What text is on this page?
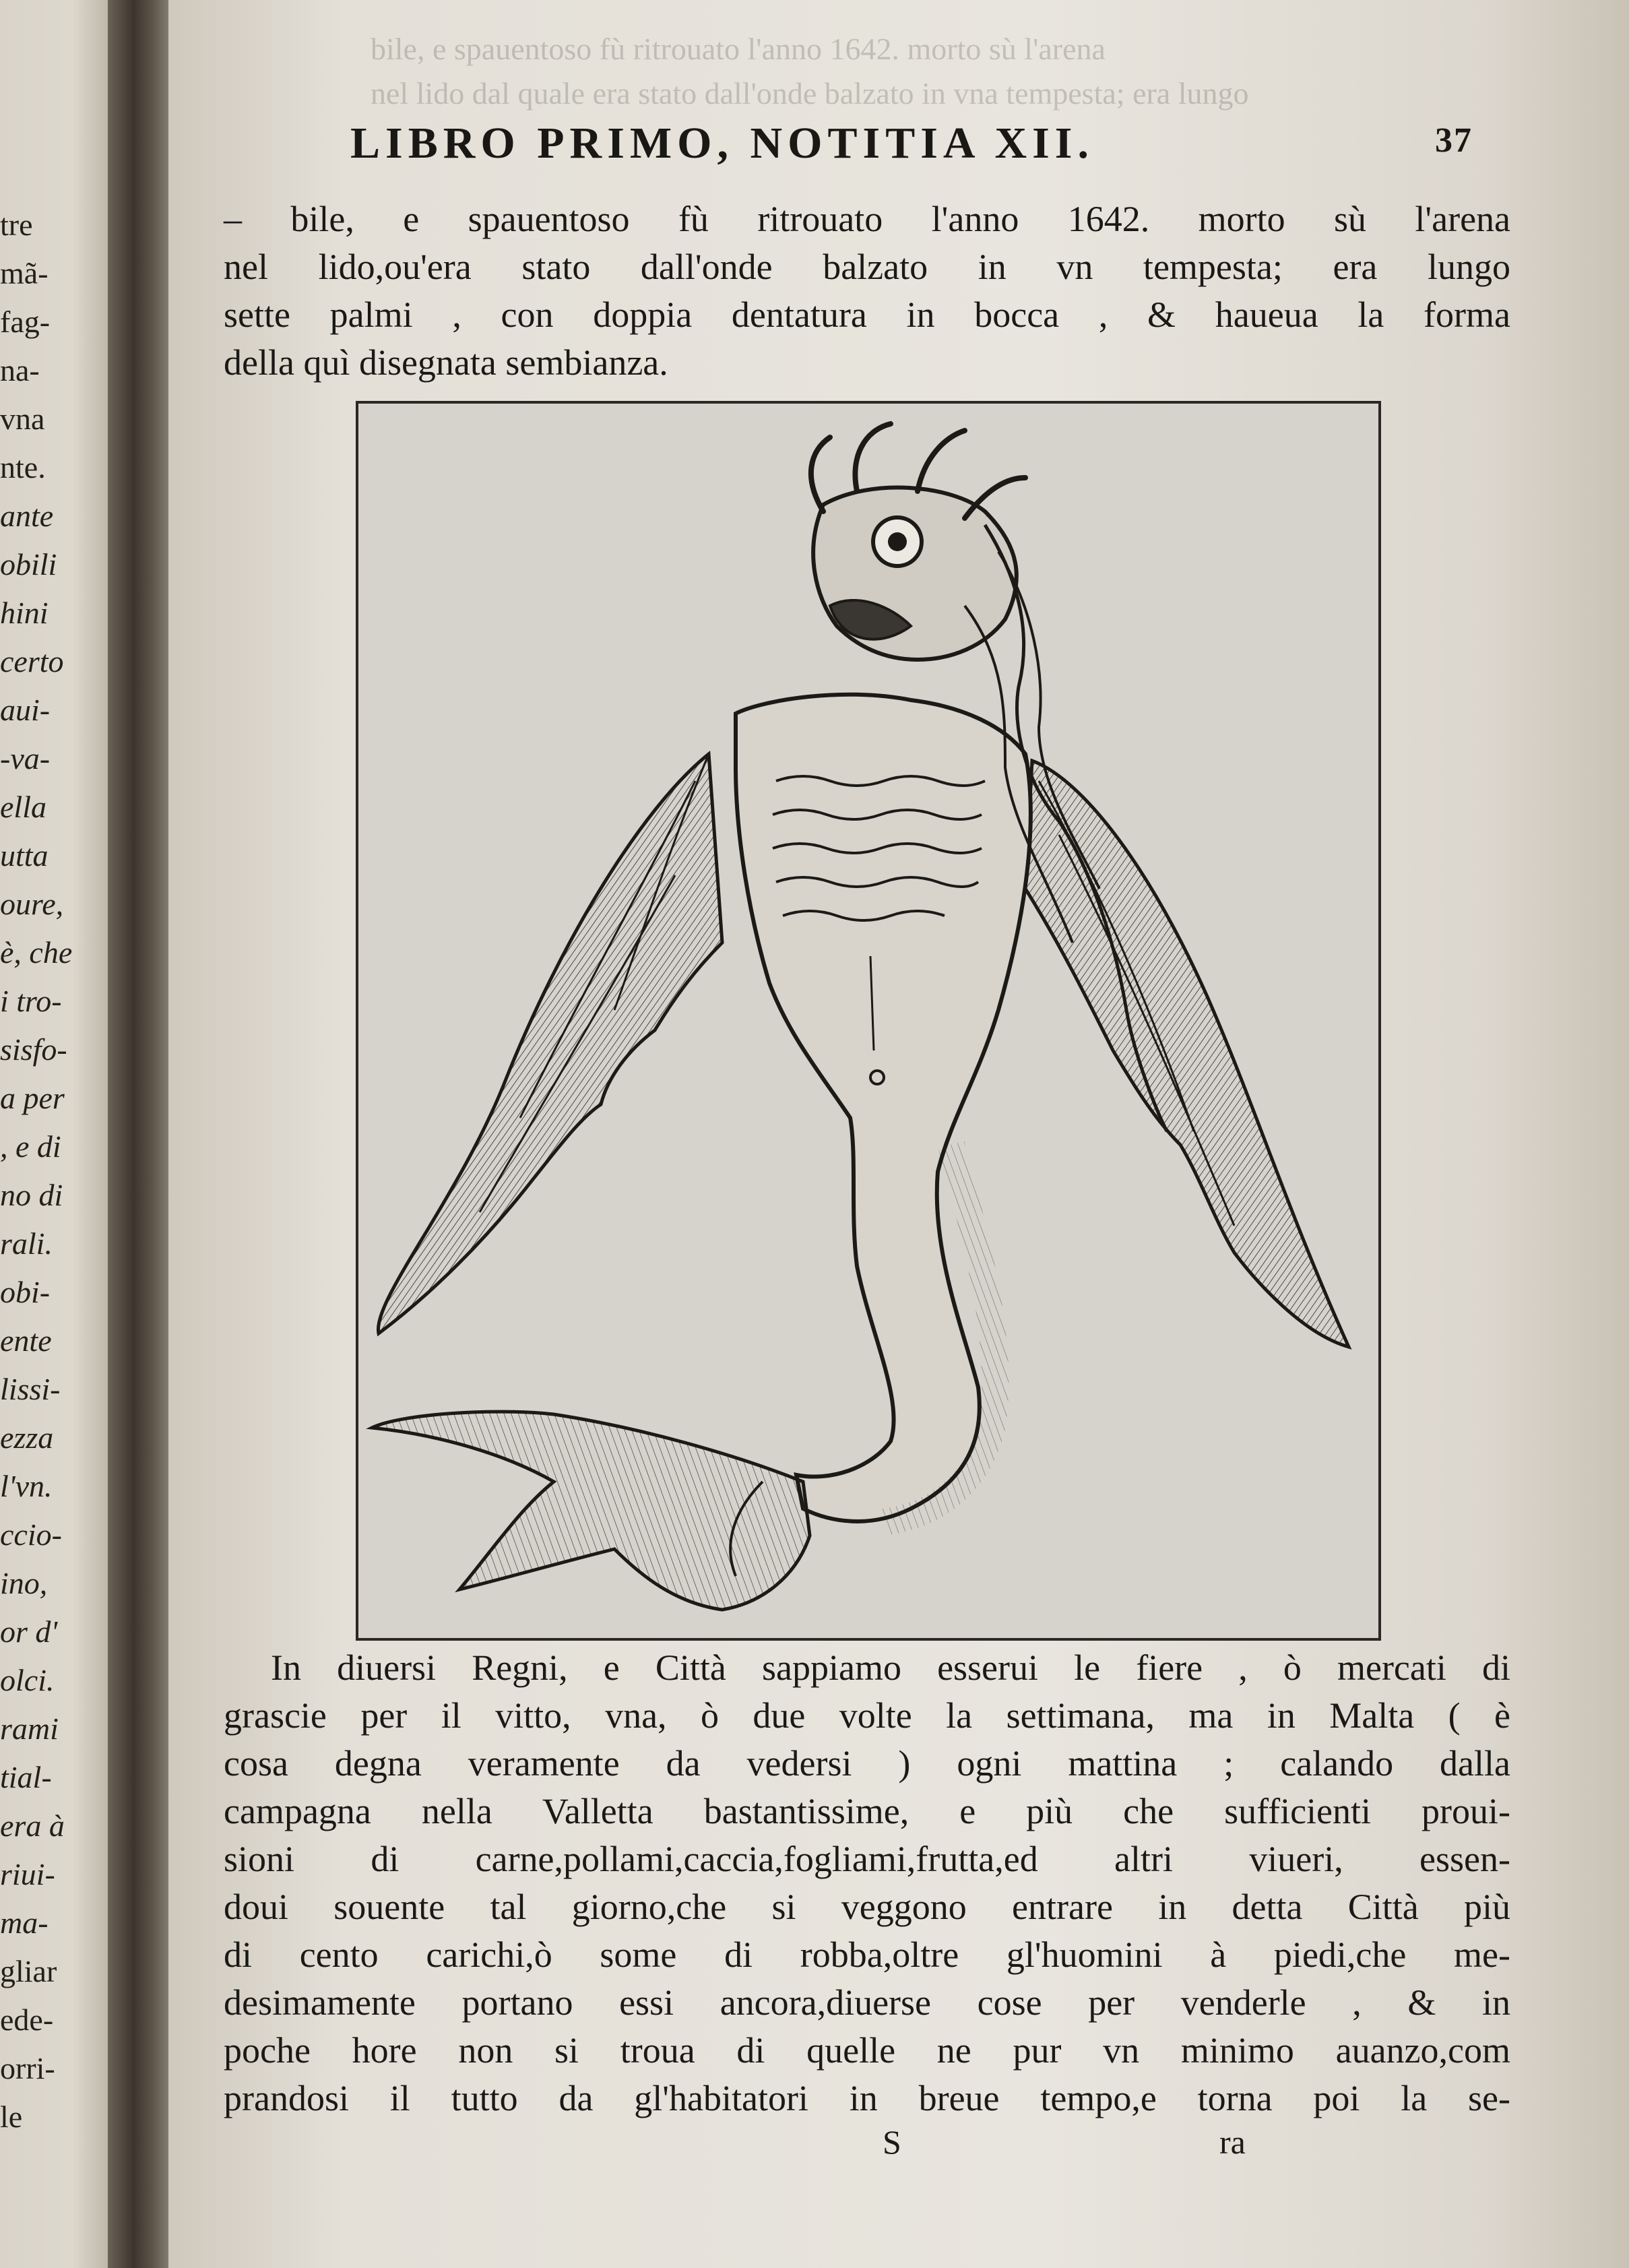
tre
mã-
fag-
na-
vna
nte.
ante
obili
hini
certo
aui-
-va-
ella
utta
oure,
è, che
i tro-
sisfo-
a per
, e di
no di
rali.
obi-
ente
lissi-
ezza
l'vn.
ccio-
ino,
or d'
olci.
rami
tial-
era à
riui-
ma-
gliar
ede-
orri-
le
bile, e spauentoso fù ritrouato l'anno 1642. morto sù l'arena
nel lido dal quale era stato dall'onde balzato in vna tempesta; era lungo
LIBRO PRIMO, NOTITIA XII.	37
– bile, e spauentoso fù ritrouato l'anno 1642. morto sù l'arena
nel lido,ou'era stato dall'onde balzato in vn tempesta; era lungo
sette palmi , con doppia dentatura in bocca , & haueua la forma
della quì disegnata sembianza.
In diuersi Regni, e Città sappiamo esserui le fiere , ò mercati di
grascie per il vitto, vna, ò due volte la settimana, ma in Malta ( è
cosa degna veramente da vedersi ) ogni mattina ; calando dalla
campagna nella Valletta bastantissime, e più che sufficienti proui-
sioni di carne,pollami,caccia,fogliami,frutta,ed altri viueri, essen-
doui souente tal giorno,che si veggono entrare in detta Città più
di cento carichi,ò some di robba,oltre gl'huomini à piedi,che me-
desimamente portano essi ancora,diuerse cose per venderle , & in
poche hore non si troua di quelle ne pur vn minimo auanzo,com
prandosi il tutto da gl'habitatori in breue tempo,e torna poi la se-
S	ra
